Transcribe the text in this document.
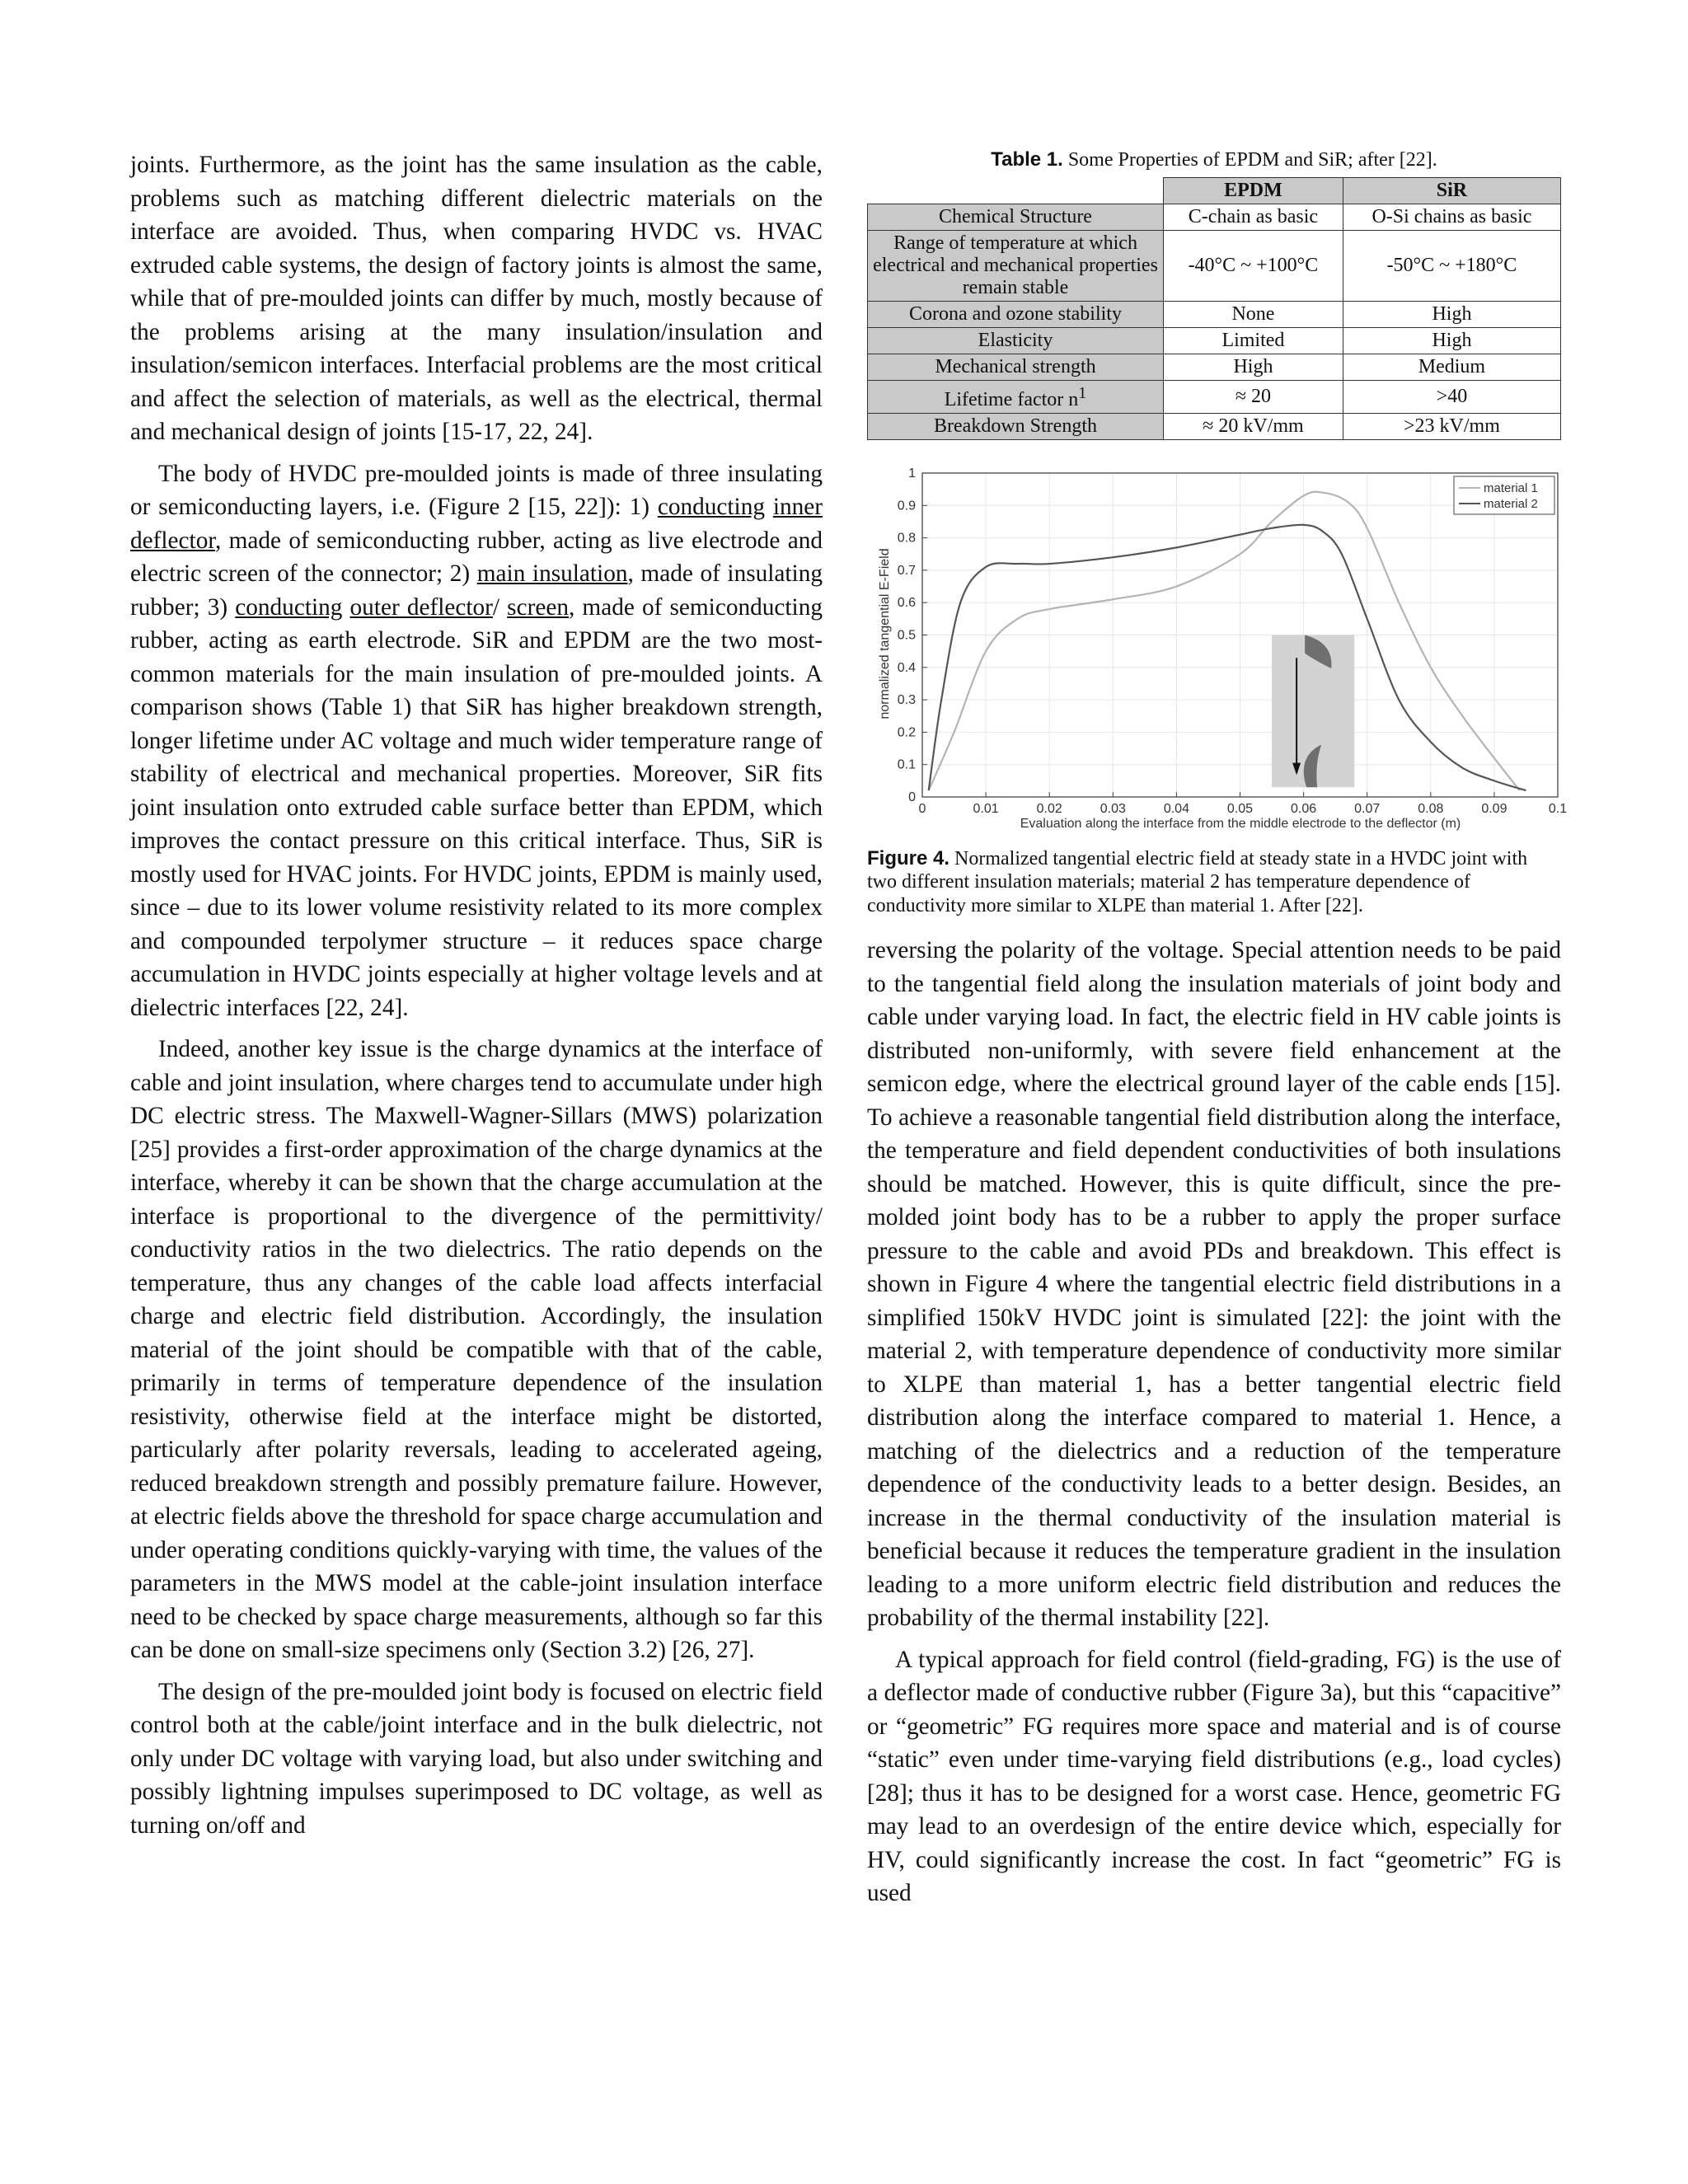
joints. Furthermore, as the joint has the same insulation as the cable, problems such as matching different dielectric materials on the interface are avoided. Thus, when comparing HVDC vs. HVAC extruded cable systems, the design of factory joints is almost the same, while that of pre-moulded joints can differ by much, mostly because of the problems arising at the many insulation/insulation and insulation/semicon interfaces. Interfacial problems are the most critical and affect the selection of materials, as well as the electrical, thermal and mechanical design of joints [15-17, 22, 24].

The body of HVDC pre-moulded joints is made of three insulating or semiconducting layers, i.e. (Figure 2 [15, 22]): 1) conducting inner deflector, made of semiconducting rubber, acting as live electrode and electric screen of the connector; 2) main insulation, made of insulating rubber; 3) conducting outer deflector/ screen, made of semiconducting rubber, acting as earth electrode. SiR and EPDM are the two most-common materials for the main insulation of pre-moulded joints. A comparison shows (Table 1) that SiR has higher breakdown strength, longer lifetime under AC voltage and much wider temperature range of stability of electrical and mechanical properties. Moreover, SiR fits joint insulation onto extruded cable surface better than EPDM, which improves the contact pressure on this critical interface. Thus, SiR is mostly used for HVAC joints. For HVDC joints, EPDM is mainly used, since – due to its lower volume resistivity related to its more complex and compounded terpolymer structure – it reduces space charge accumulation in HVDC joints especially at higher voltage levels and at dielectric interfaces [22, 24].

Indeed, another key issue is the charge dynamics at the interface of cable and joint insulation, where charges tend to accumulate under high DC electric stress. The Maxwell-Wagner-Sillars (MWS) polarization [25] provides a first-order approximation of the charge dynamics at the interface, whereby it can be shown that the charge accumulation at the interface is proportional to the divergence of the permittivity/ conductivity ratios in the two dielectrics. The ratio depends on the temperature, thus any changes of the cable load affects interfacial charge and electric field distribution. Accordingly, the insulation material of the joint should be compatible with that of the cable, primarily in terms of temperature dependence of the insulation resistivity, otherwise field at the interface might be distorted, particularly after polarity reversals, leading to accelerated ageing, reduced breakdown strength and possibly premature failure. However, at electric fields above the threshold for space charge accumulation and under operating conditions quickly-varying with time, the values of the parameters in the MWS model at the cable-joint insulation interface need to be checked by space charge measurements, although so far this can be done on small-size specimens only (Section 3.2) [26, 27].

The design of the pre-moulded joint body is focused on electric field control both at the cable/joint interface and in the bulk dielectric, not only under DC voltage with varying load, but also under switching and possibly lightning impulses superimposed to DC voltage, as well as turning on/off and

Table 1. Some Properties of EPDM and SiR; after [22].
	EPDM	SiR
Chemical Structure	C-chain as basic	O-Si chains as basic
Range of temperature at which electrical and mechanical properties remain stable	-40°C ~ +100°C	-50°C ~ +180°C
Corona and ozone stability	None	High
Elasticity	Limited	High
Mechanical strength	High	Medium
Lifetime factor $n^1$	≈ 20	>40
Breakdown Strength	≈ 20 kV/mm	>23 kV/mm
normalized tangential E-Field
Evaluation along the interface from the middle electrode to the deflector (m)
0
0.1
0.2
0.3
0.4
0.5
0.6
0.7
0.8
0.9
1
0	0.01	0.02	0.03	0.04	0.05	0.06	0.07	0.08	0.09	0.1
material 1
material 2

Figure 4. Normalized tangential electric field at steady state in a HVDC joint with two different insulation materials; material 2 has temperature dependence of conductivity more similar to XLPE than material 1. After [22].

reversing the polarity of the voltage. Special attention needs to be paid to the tangential field along the insulation materials of joint body and cable under varying load. In fact, the electric field in HV cable joints is distributed non-uniformly, with severe field enhancement at the semicon edge, where the electrical ground layer of the cable ends [15]. To achieve a reasonable tangential field distribution along the interface, the temperature and field dependent conductivities of both insulations should be matched. However, this is quite difficult, since the pre-molded joint body has to be a rubber to apply the proper surface pressure to the cable and avoid PDs and breakdown. This effect is shown in Figure 4 where the tangential electric field distributions in a simplified 150kV HVDC joint is simulated [22]: the joint with the material 2, with temperature dependence of conductivity more similar to XLPE than material 1, has a better tangential electric field distribution along the interface compared to material 1. Hence, a matching of the dielectrics and a reduction of the temperature dependence of the conductivity leads to a better design. Besides, an increase in the thermal conductivity of the insulation material is beneficial because it reduces the temperature gradient in the insulation leading to a more uniform electric field distribution and reduces the probability of the thermal instability [22].

A typical approach for field control (field-grading, FG) is the use of a deflector made of conductive rubber (Figure 3a), but this “capacitive” or “geometric” FG requires more space and material and is of course “static” even under time-varying field distributions (e.g., load cycles) [28]; thus it has to be designed for a worst case. Hence, geometric FG may lead to an overdesign of the entire device which, especially for HV, could significantly increase the cost. In fact “geometric” FG is used
